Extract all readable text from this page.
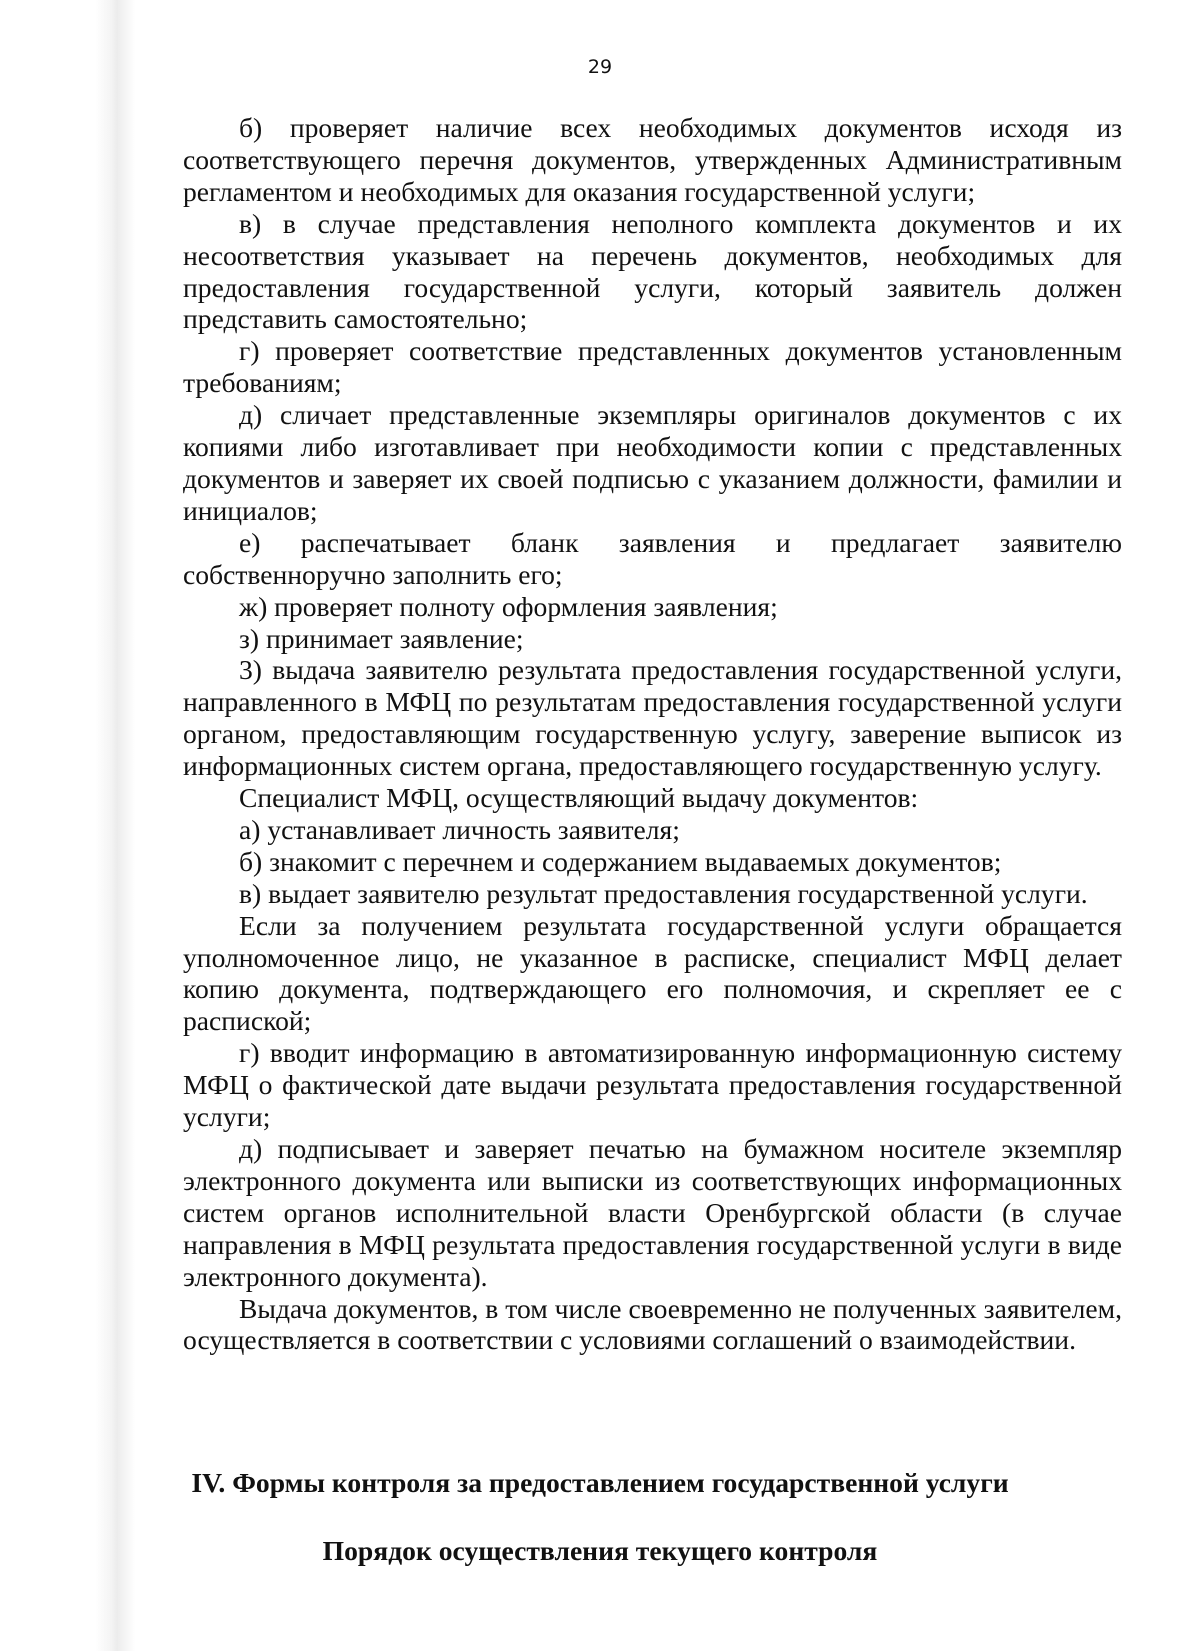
29

б) проверяет наличие всех необходимых документов исходя из соответствующего перечня документов, утвержденных Административным регламентом и необходимых для оказания государственной услуги;

в) в случае представления неполного комплекта документов и их несоответствия указывает на перечень документов, необходимых для предоставления государственной услуги, который заявитель должен представить самостоятельно;

г) проверяет соответствие представленных документов установленным требованиям;

д) сличает представленные экземпляры оригиналов документов с их копиями либо изготавливает при необходимости копии с представленных документов и заверяет их своей подписью с указанием должности, фамилии и инициалов;

е) распечатывает бланк заявления и предлагает заявителю собственноручно заполнить его;

ж) проверяет полноту оформления заявления;

з) принимает заявление;

3) выдача заявителю результата предоставления государственной услуги, направленного в МФЦ по результатам предоставления государственной услуги органом, предоставляющим государственную услугу, заверение выписок из информационных систем органа, предоставляющего государственную услугу.

Специалист МФЦ, осуществляющий выдачу документов:

а) устанавливает личность заявителя;

б) знакомит с перечнем и содержанием выдаваемых документов;

в) выдает заявителю результат предоставления государственной услуги.

Если за получением результата государственной услуги обращается уполномоченное лицо, не указанное в расписке, специалист МФЦ делает копию документа, подтверждающего его полномочия, и скрепляет ее с распиской;

г) вводит информацию в автоматизированную информационную систему МФЦ о фактической дате выдачи результата предоставления государственной услуги;

д) подписывает и заверяет печатью на бумажном носителе экземпляр электронного документа или выписки из соответствующих информационных систем органов исполнительной власти Оренбургской области (в случае направления в МФЦ результата предоставления государственной услуги в виде электронного документа).

Выдача документов, в том числе своевременно не полученных заявителем, осуществляется в соответствии с условиями соглашений о взаимодействии.

IV. Формы контроля за предоставлением государственной услуги
Порядок осуществления текущего контроля
